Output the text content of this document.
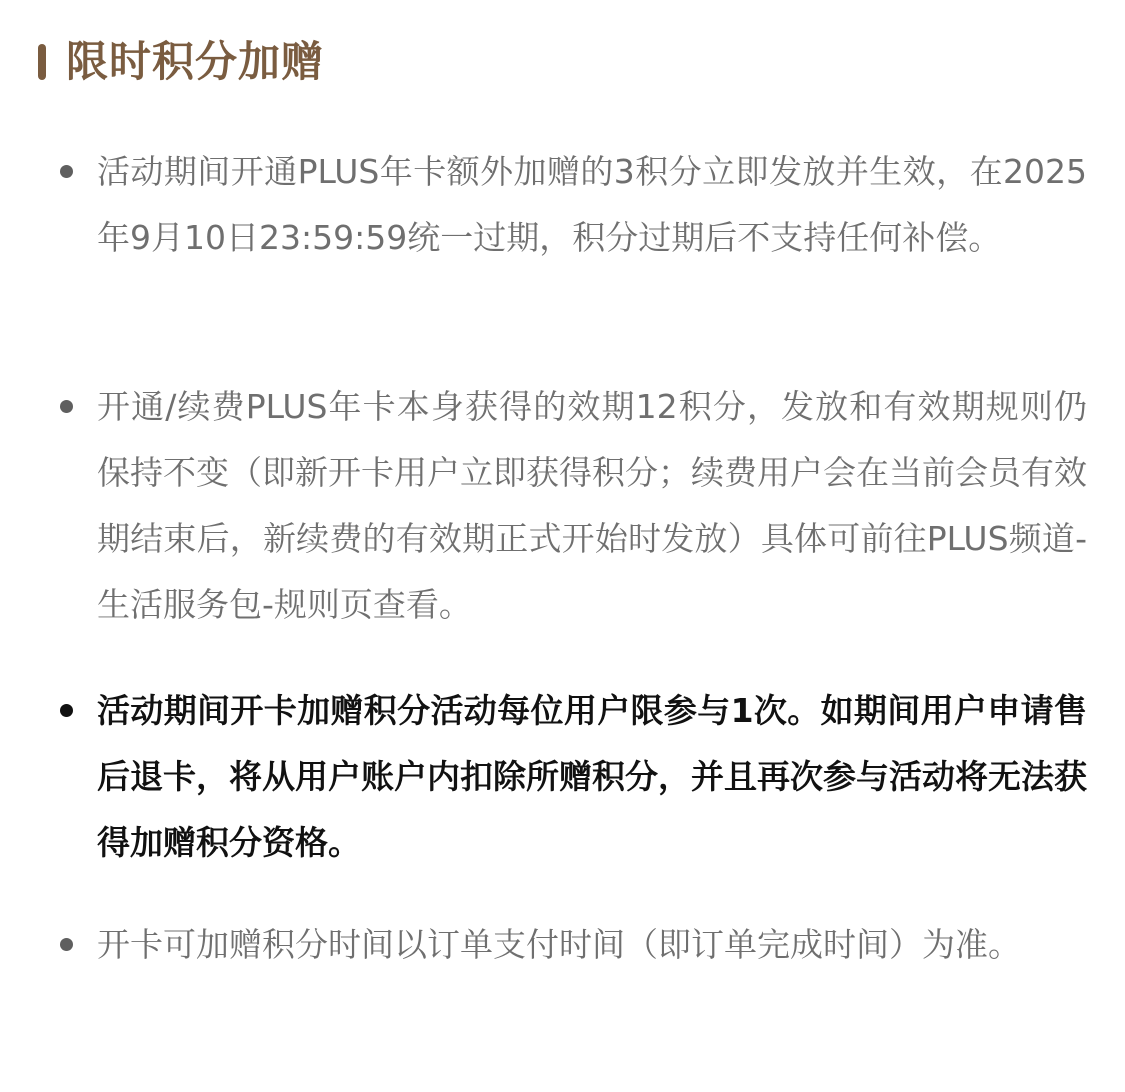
限时积分加赠
活动期间开通PLUS年卡额外加赠的3积分立即发放并生效，在2025年9月10日23:59:59统一过期，积分过期后不支持任何补偿。
开通/续费PLUS年卡本身获得的效期12积分，发放和有效期规则仍保持不变（即新开卡用户立即获得积分；续费用户会在当前会员有效期结束后，新续费的有效期正式开始时发放）具体可前往PLUS频道-生活服务包-规则页查看。
活动期间开卡加赠积分活动每位用户限参与1次。如期间用户申请售后退卡，将从用户账户内扣除所赠积分，并且再次参与活动将无法获得加赠积分资格。
开卡可加赠积分时间以订单支付时间（即订单完成时间）为准。
